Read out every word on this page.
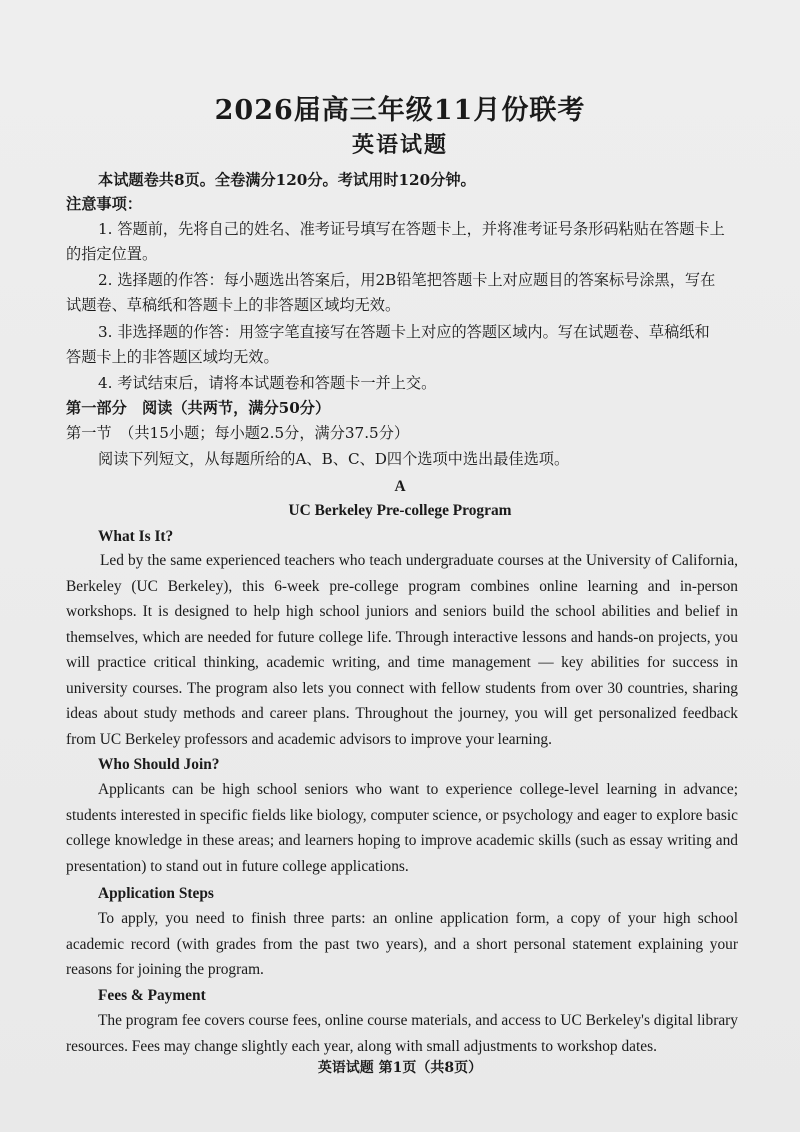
2026届高三年级11月份联考
英语试题
本试题卷共8页。全卷满分120分。考试用时120分钟。
注意事项：
1. 答题前，先将自己的姓名、准考证号填写在答题卡上，并将准考证号条形码粘贴在答题卡上
的指定位置。
2. 选择题的作答：每小题选出答案后，用2B铅笔把答题卡上对应题目的答案标号涂黑，写在
试题卷、草稿纸和答题卡上的非答题区域均无效。
3. 非选择题的作答：用签字笔直接写在答题卡上对应的答题区域内。写在试题卷、草稿纸和
答题卡上的非答题区域均无效。
4. 考试结束后，请将本试题卷和答题卡一并上交。
第一部分　阅读（共两节，满分50分）
第一节　（共15小题；每小题2.5分，满分37.5分）
阅读下列短文，从每题所给的A、B、C、D四个选项中选出最佳选项。
A
UC Berkeley Pre-college Program
What Is It?
Led by the same experienced teachers who teach undergraduate courses at the University of California, Berkeley (UC Berkeley), this 6-week pre-college program combines online learning and in-person workshops. It is designed to help high school juniors and seniors build the school abilities and belief in themselves, which are needed for future college life. Through interactive lessons and hands-on projects, you will practice critical thinking, academic writing, and time management — key abilities for success in university courses. The program also lets you connect with fellow students from over 30 countries, sharing ideas about study methods and career plans. Throughout the journey, you will get personalized feedback from UC Berkeley professors and academic advisors to improve your learning.
Who Should Join?
Applicants can be high school seniors who want to experience college-level learning in advance; students interested in specific fields like biology, computer science, or psychology and eager to explore basic college knowledge in these areas; and learners hoping to improve academic skills (such as essay writing and presentation) to stand out in future college applications.
Application Steps
To apply, you need to finish three parts: an online application form, a copy of your high school academic record (with grades from the past two years), and a short personal statement explaining your reasons for joining the program.
Fees & Payment
The program fee covers course fees, online course materials, and access to UC Berkeley's digital library resources. Fees may change slightly each year, along with small adjustments to workshop dates.
英语试题 第1页（共8页）
